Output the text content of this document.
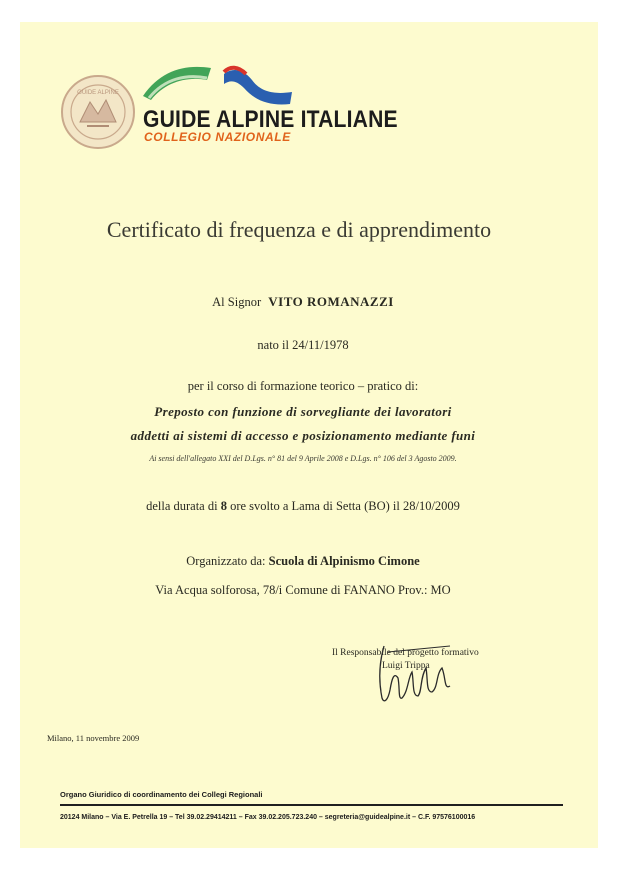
GUIDE ALPINE
GUIDE ALPINE ITALIANE
COLLEGIO NAZIONALE
Certificato di frequenza e di apprendimento
Al Signor VITO ROMANAZZI
nato il 24/11/1978
per il corso di formazione teorico – pratico di:
Preposto con funzione di sorvegliante dei lavoratori
addetti ai sistemi di accesso e posizionamento mediante funi
Ai sensi dell'allegato XXI del D.Lgs. n° 81 del 9 Aprile 2008 e D.Lgs. n° 106 del 3 Agosto 2009.
della durata di 8 ore svolto a Lama di Setta (BO) il 28/10/2009
Organizzato da: Scuola di Alpinismo Cimone
Via Acqua solforosa, 78/i Comune di FANANO Prov.: MO
Il Responsabile del progetto formativo
Luigi Trippa
Milano, 11 novembre 2009
Organo Giuridico di coordinamento dei Collegi Regionali
20124 Milano – Via E. Petrella 19 – Tel 39.02.29414211 – Fax 39.02.205.723.240 – segreteria@guidealpine.it – C.F. 97576100016
